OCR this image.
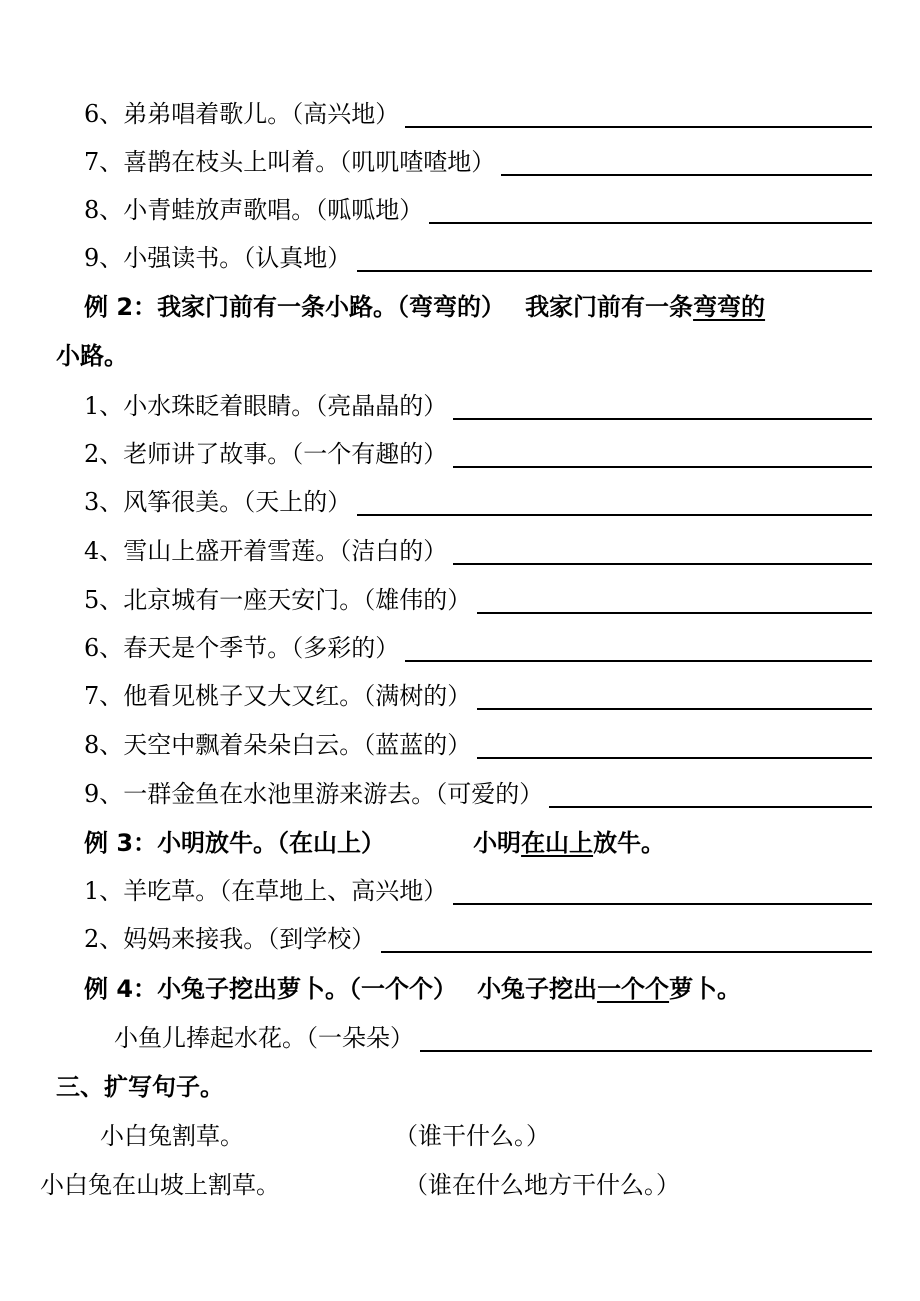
6、弟弟唱着歌儿。（高兴地）
7、喜鹊在枝头上叫着。（叽叽喳喳地）
8、小青蛙放声歌唱。（呱呱地）
9、小强读书。（认真地）
例 2：我家门前有一条小路。（弯弯的） 我家门前有一条弯弯的
小路。
1、小水珠眨着眼睛。（亮晶晶的）
2、老师讲了故事。（一个有趣的）
3、风筝很美。（天上的）
4、雪山上盛开着雪莲。（洁白的）
5、北京城有一座天安门。（雄伟的）
6、春天是个季节。（多彩的）
7、他看见桃子又大又红。（满树的）
8、天空中飘着朵朵白云。（蓝蓝的）
9、一群金鱼在水池里游来游去。（可爱的）
例 3：小明放牛。（在山上）	小明在山上放牛。
1、羊吃草。（在草地上、高兴地）
2、妈妈来接我。（到学校）
例 4：小兔子挖出萝卜。（一个个） 小兔子挖出一个个萝卜。
小鱼儿捧起水花。（一朵朵）
三、扩写句子。
小白兔割草。	（谁干什么。）
小白兔在山坡上割草。	（谁在什么地方干什么。）
